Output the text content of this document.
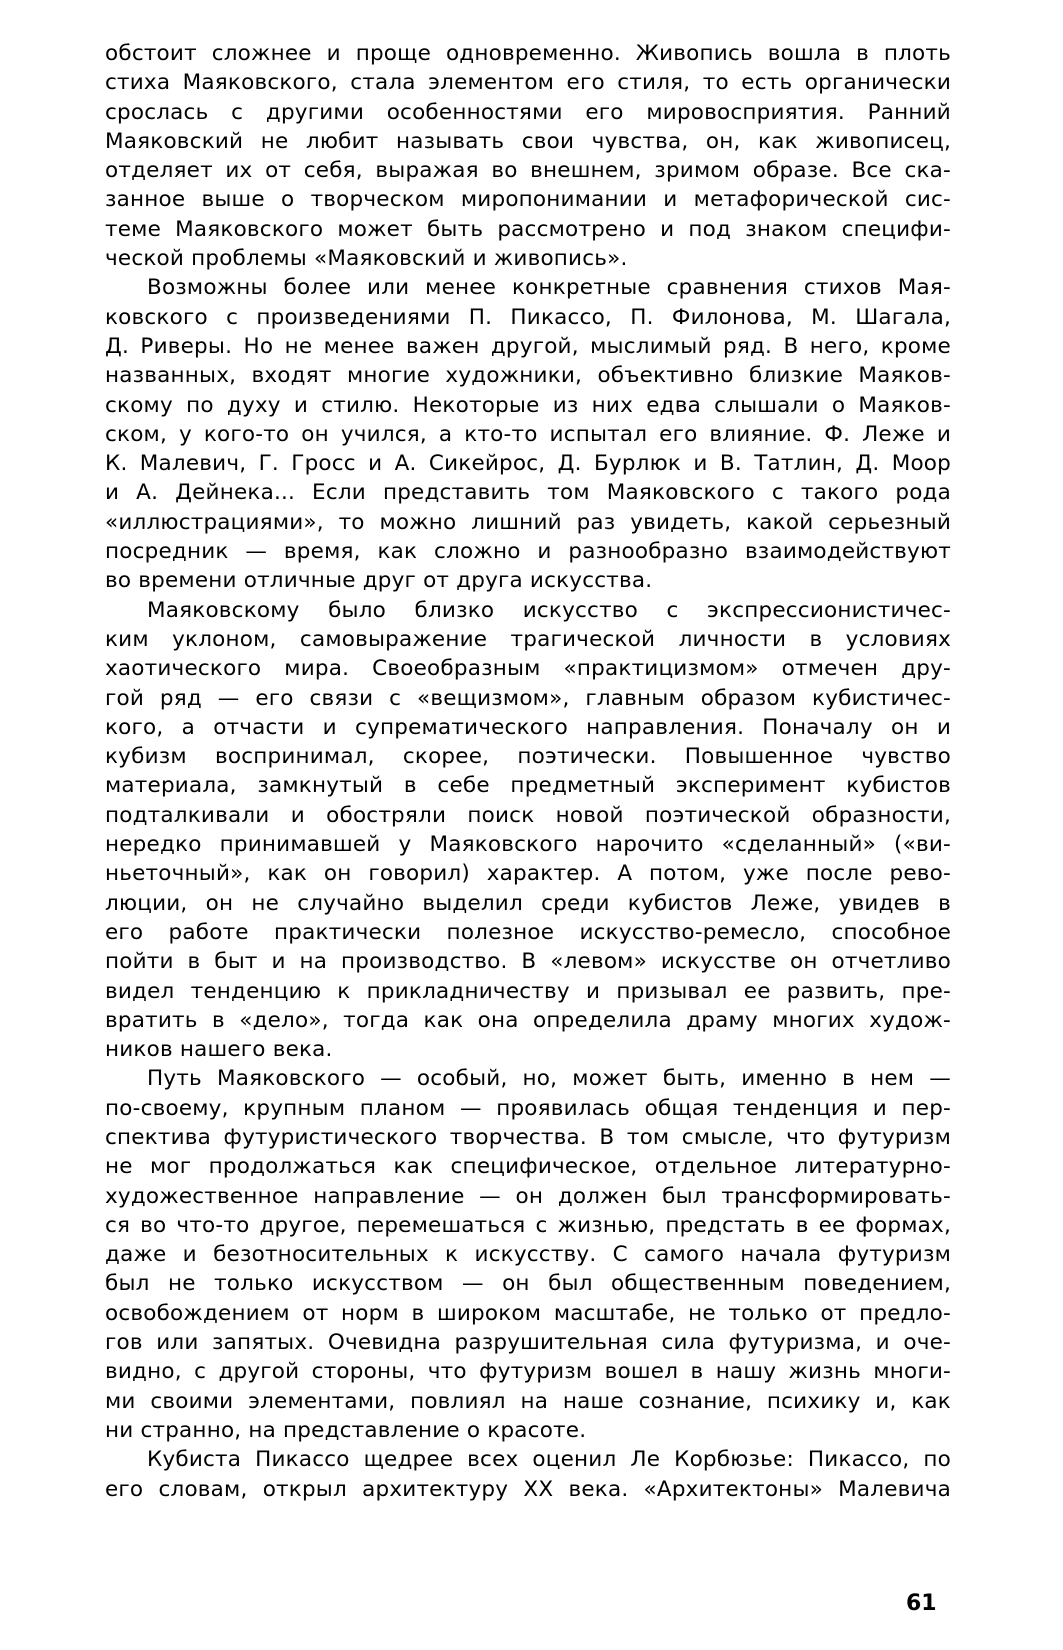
обстоит сложнее и проще одновременно. Живопись вошла в плоть
стиха Маяковского, стала элементом его стиля, то есть органически
срослась с другими особенностями его мировосприятия. Ранний
Маяковский не любит называть свои чувства, он, как живописец,
отделяет их от себя, выражая во внешнем, зримом образе. Все ска-
занное выше о творческом миропонимании и метафорической сис-
теме Маяковского может быть рассмотрено и под знаком специфи-
ческой проблемы «Маяковский и живопись».
Возможны более или менее конкретные сравнения стихов Мая-
ковского с произведениями П. Пикассо, П. Филонова, М. Шагала,
Д. Риверы. Но не менее важен другой, мыслимый ряд. В него, кроме
названных, входят многие художники, объективно близкие Маяков-
скому по духу и стилю. Некоторые из них едва слышали о Маяков-
ском, у кого-то он учился, а кто-то испытал его влияние. Ф. Леже и
К. Малевич, Г. Гросс и А. Сикейрос, Д. Бурлюк и В. Татлин, Д. Моор
и А. Дейнека... Если представить том Маяковского с такого рода
«иллюстрациями», то можно лишний раз увидеть, какой серьезный
посредник — время, как сложно и разнообразно взаимодействуют
во времени отличные друг от друга искусства.
Маяковскому было близко искусство с экспрессионистичес-
ким уклоном, самовыражение трагической личности в условиях
хаотического мира. Своеобразным «практицизмом» отмечен дру-
гой ряд — его связи с «вещизмом», главным образом кубистичес-
кого, а отчасти и супрематического направления. Поначалу он и
кубизм воспринимал, скорее, поэтически. Повышенное чувство
материала, замкнутый в себе предметный эксперимент кубистов
подталкивали и обостряли поиск новой поэтической образности,
нередко принимавшей у Маяковского нарочито «сделанный» («ви-
ньеточный», как он говорил) характер. А потом, уже после рево-
люции, он не случайно выделил среди кубистов Леже, увидев в
его работе практически полезное искусство-ремесло, способное
пойти в быт и на производство. В «левом» искусстве он отчетливо
видел тенденцию к прикладничеству и призывал ее развить, пре-
вратить в «дело», тогда как она определила драму многих худож-
ников нашего века.
Путь Маяковского — особый, но, может быть, именно в нем —
по-своему, крупным планом — проявилась общая тенденция и пер-
спектива футуристического творчества. В том смысле, что футуризм
не мог продолжаться как специфическое, отдельное литературно-
художественное направление — он должен был трансформировать-
ся во что-то другое, перемешаться с жизнью, предстать в ее формах,
даже и безотносительных к искусству. С самого начала футуризм
был не только искусством — он был общественным поведением,
освобождением от норм в широком масштабе, не только от предло-
гов или запятых. Очевидна разрушительная сила футуризма, и оче-
видно, с другой стороны, что футуризм вошел в нашу жизнь многи-
ми своими элементами, повлиял на наше сознание, психику и, как
ни странно, на представление о красоте.
Кубиста Пикассо щедрее всех оценил Ле Корбюзье: Пикассо, по
его словам, открыл архитектуру XX века. «Архитектоны» Малевича
61
